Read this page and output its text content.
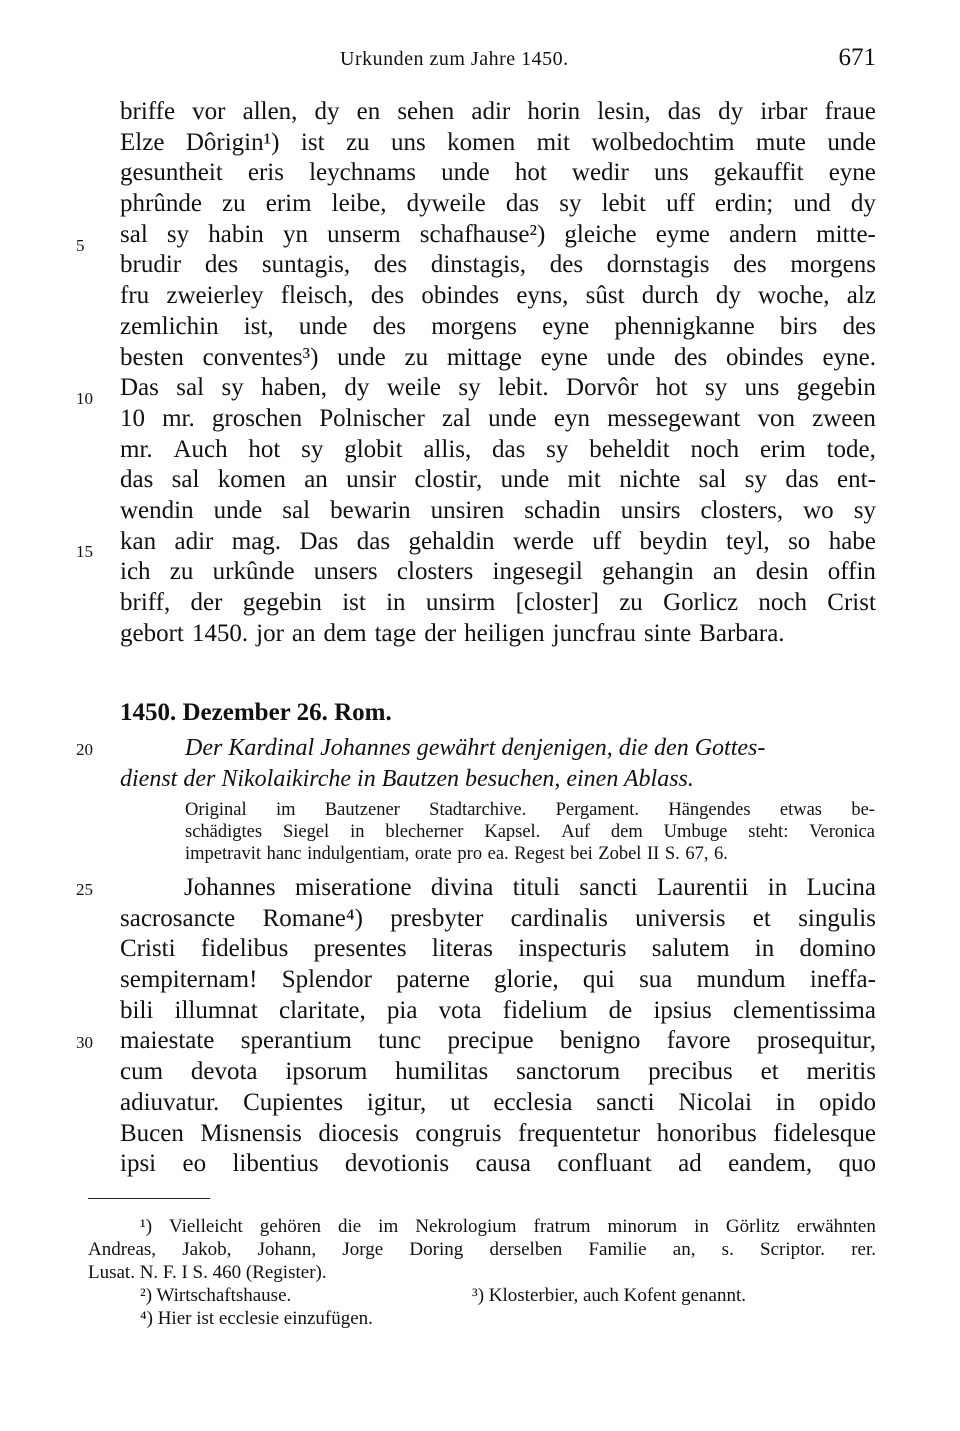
Urkunden zum Jahre 1450.	671
5
10
15
20
25
30
briffe vor allen, dy en sehen adir horin lesin, das dy irbar fraue
Elze Dôrigin¹) ist zu uns komen mit wolbedochtim mute unde
gesuntheit eris leychnams unde hot wedir uns gekauffit eyne
phrûnde zu erim leibe, dyweile das sy lebit uff erdin; und dy
sal sy habin yn unserm schafhause²) gleiche eyme andern mitte-
brudir des suntagis, des dinstagis, des dornstagis des morgens
fru zweierley fleisch, des obindes eyns, sûst durch dy woche, alz
zemlichin ist, unde des morgens eyne phennigkanne birs des
besten conventes³) unde zu mittage eyne unde des obindes eyne.
Das sal sy haben, dy weile sy lebit. Dorvôr hot sy uns gegebin
10 mr. groschen Polnischer zal unde eyn messegewant von zween
mr. Auch hot sy globit allis, das sy beheldit noch erim tode,
das sal komen an unsir clostir, unde mit nichte sal sy das ent-
wendin unde sal bewarin unsiren schadin unsirs closters, wo sy
kan adir mag. Das das gehaldin werde uff beydin teyl, so habe
ich zu urkûnde unsers closters ingesegil gehangin an desin offin
briff, der gegebin ist in unsirm [closter] zu Gorlicz noch Crist
gebort 1450. jor an dem tage der heiligen juncfrau sinte Barbara.
1450. Dezember 26. Rom.
Der Kardinal Johannes gewährt denjenigen, die den Gottes-
dienst der Nikolaikirche in Bautzen besuchen, einen Ablass.
Original im Bautzener Stadtarchive. Pergament. Hängendes etwas be-
schädigtes Siegel in blecherner Kapsel. Auf dem Umbuge steht: Veronica
impetravit hanc indulgentiam, orate pro ea. Regest bei Zobel II S. 67, 6.
Johannes miseratione divina tituli sancti Laurentii in Lucina
sacrosancte Romane⁴) presbyter cardinalis universis et singulis
Cristi fidelibus presentes literas inspecturis salutem in domino
sempiternam! Splendor paterne glorie, qui sua mundum ineffa-
bili illumnat claritate, pia vota fidelium de ipsius clementissima
maiestate sperantium tunc precipue benigno favore prosequitur,
cum devota ipsorum humilitas sanctorum precibus et meritis
adiuvatur. Cupientes igitur, ut ecclesia sancti Nicolai in opido
Bucen Misnensis diocesis congruis frequentetur honoribus fidelesque
ipsi eo libentius devotionis causa confluant ad eandem, quo
¹) Vielleicht gehören die im Nekrologium fratrum minorum in Görlitz erwähnten
Andreas, Jakob, Johann, Jorge Doring derselben Familie an, s. Scriptor. rer.
Lusat. N. F. I S. 460 (Register).
²) Wirtschaftshause.	³) Klosterbier, auch Kofent genannt.
⁴) Hier ist ecclesie einzufügen.
